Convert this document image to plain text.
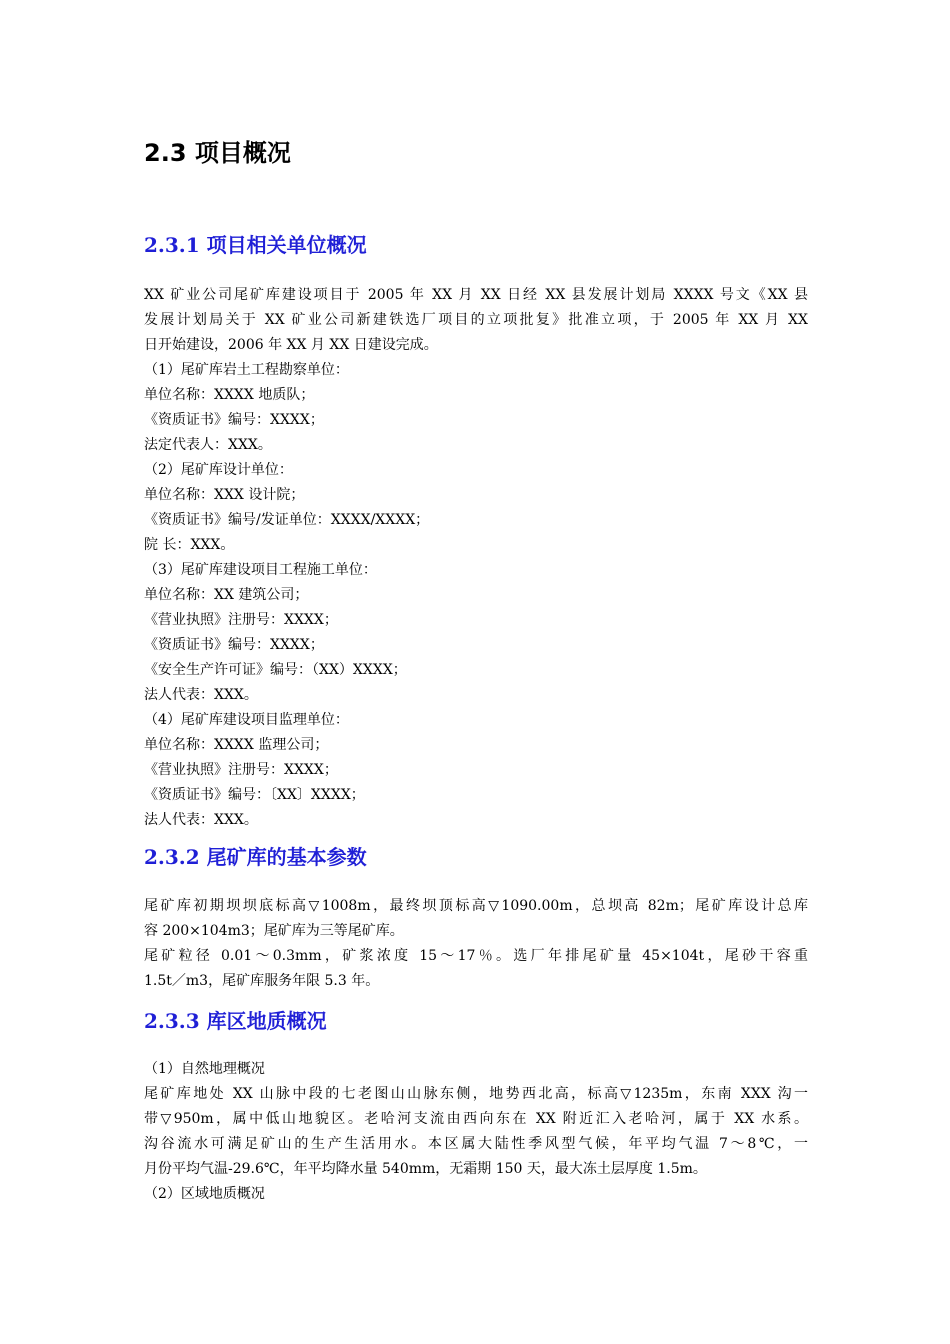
2.3 项目概况
2.3.1 项目相关单位概况
XX 矿业公司尾矿库建设项目于 2005 年 XX 月 XX 日经 XX 县发展计划局 XXXX 号文《XX 县
发展计划局关于 XX 矿业公司新建铁选厂项目的立项批复》批准立项，于 2005 年 XX 月 XX
日开始建设，2006 年 XX 月 XX 日建设完成。
（1）尾矿库岩土工程勘察单位：
单位名称：XXXX 地质队；
《资质证书》编号：XXXX；
法定代表人：XXX。
（2）尾矿库设计单位：
单位名称：XXX 设计院；
《资质证书》编号/发证单位：XXXX/XXXX；
院 长：XXX。
（3）尾矿库建设项目工程施工单位：
单位名称：XX 建筑公司；
《营业执照》注册号：XXXX；
《资质证书》编号：XXXX；
《安全生产许可证》编号：（XX）XXXX；
法人代表：XXX。
（4）尾矿库建设项目监理单位：
单位名称：XXXX 监理公司；
《营业执照》注册号：XXXX；
《资质证书》编号：〔XX〕XXXX；
法人代表：XXX。
2.3.2 尾矿库的基本参数
尾矿库初期坝坝底标高▽1008m，最终坝顶标高▽1090.00m，总坝高 82m；尾矿库设计总库
容 200×104m3；尾矿库为三等尾矿库。
尾矿粒径 0.01～0.3mm，矿浆浓度 15～17％。选厂年排尾矿量 45×104t，尾砂干容重
1.5t／m3，尾矿库服务年限 5.3 年。
2.3.3 库区地质概况
（1）自然地理概况
尾矿库地处 XX 山脉中段的七老图山山脉东侧，地势西北高，标高▽1235m，东南 XXX 沟一
带▽950m，属中低山地貌区。老哈河支流由西向东在 XX 附近汇入老哈河，属于 XX 水系。
沟谷流水可满足矿山的生产生活用水。本区属大陆性季风型气候，年平均气温 7～8℃，一
月份平均气温-29.6℃，年平均降水量 540mm，无霜期 150 天，最大冻土层厚度 1.5m。
（2）区域地质概况
